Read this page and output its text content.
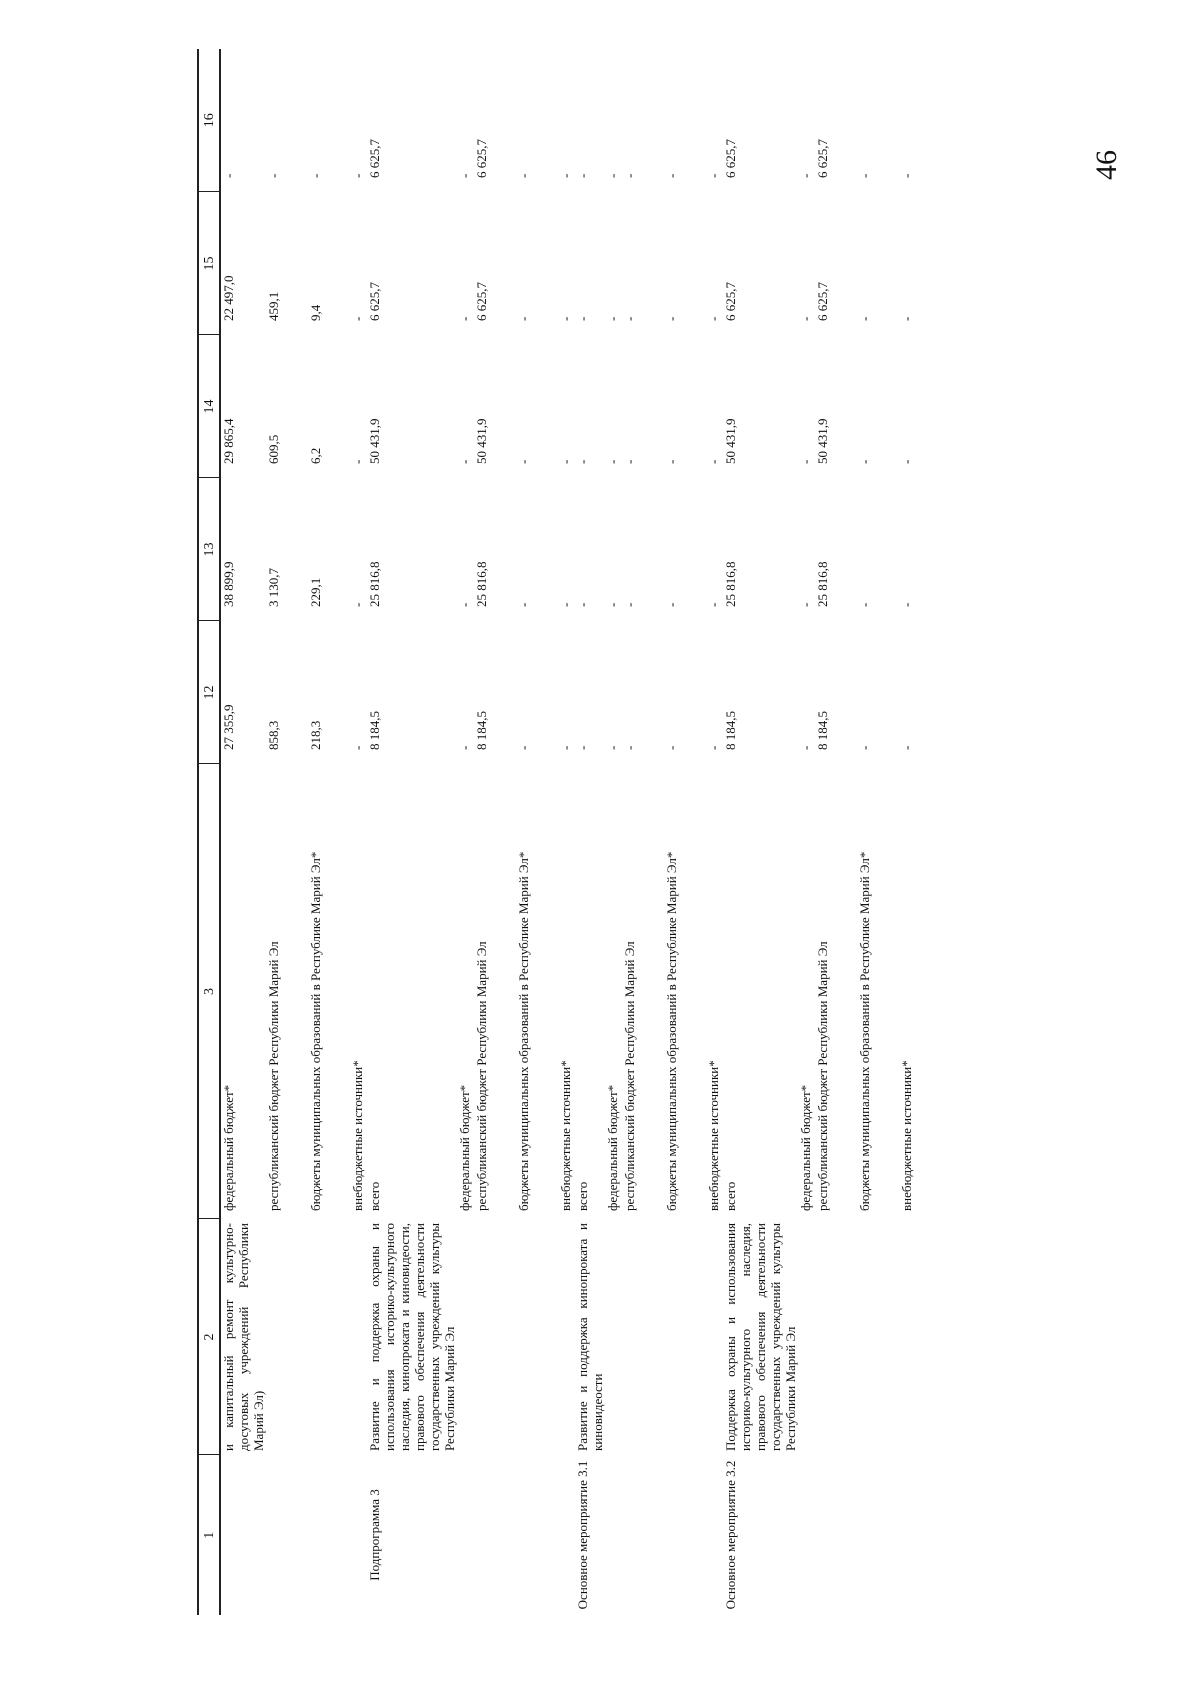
46
1	2	3	12	13	14	15	16
	и капитальный ремонт культурно-досуговых учреждений Республики Марий Эл)	федеральный бюджет*	27 355,9	38 899,9	29 865,4	22 497,0	-
		республиканский бюджет Республики Марий Эл	858,3	3 130,7	609,5	459,1	-
		бюджеты муниципальных образований в Республике Марий Эл*	218,3	229,1	6,2	9,4	-
		внебюджетные источники*	-	-	-	-	-
Подпрограмма 3	Развитие и поддержка охраны и использования историко-культурного наследия, кинопроката и киновидеости, правового обеспечения деятельности государственных учреждений культуры Республики Марий Эл	всего	8 184,5	25 816,8	50 431,9	6 625,7	6 625,7
		федеральный бюджет*	-	-	-	-	-
		республиканский бюджет Республики Марий Эл	8 184,5	25 816,8	50 431,9	6 625,7	6 625,7
		бюджеты муниципальных образований в Республике Марий Эл*	-	-	-	-	-
		внебюджетные источники*	-	-	-	-	-
Основное мероприятие 3.1	Развитие и поддержка кинопроката и киновидеости	всего	-	-	-	-	-
		федеральный бюджет*	-	-	-	-	-
		республиканский бюджет Республики Марий Эл	-	-	-	-	-
		бюджеты муниципальных образований в Республике Марий Эл*	-	-	-	-	-
		внебюджетные источники*	-	-	-	-	-
Основное мероприятие 3.2	Поддержка охраны и использования историко-культурного наследия, правового обеспечения деятельности государственных учреждений культуры Республики Марий Эл	всего	8 184,5	25 816,8	50 431,9	6 625,7	6 625,7
		федеральный бюджет*	-	-	-	-	-
		республиканский бюджет Республики Марий Эл	8 184,5	25 816,8	50 431,9	6 625,7	6 625,7
		бюджеты муниципальных образований в Республике Марий Эл*	-	-	-	-	-
		внебюджетные источники*	-	-	-	-	-
